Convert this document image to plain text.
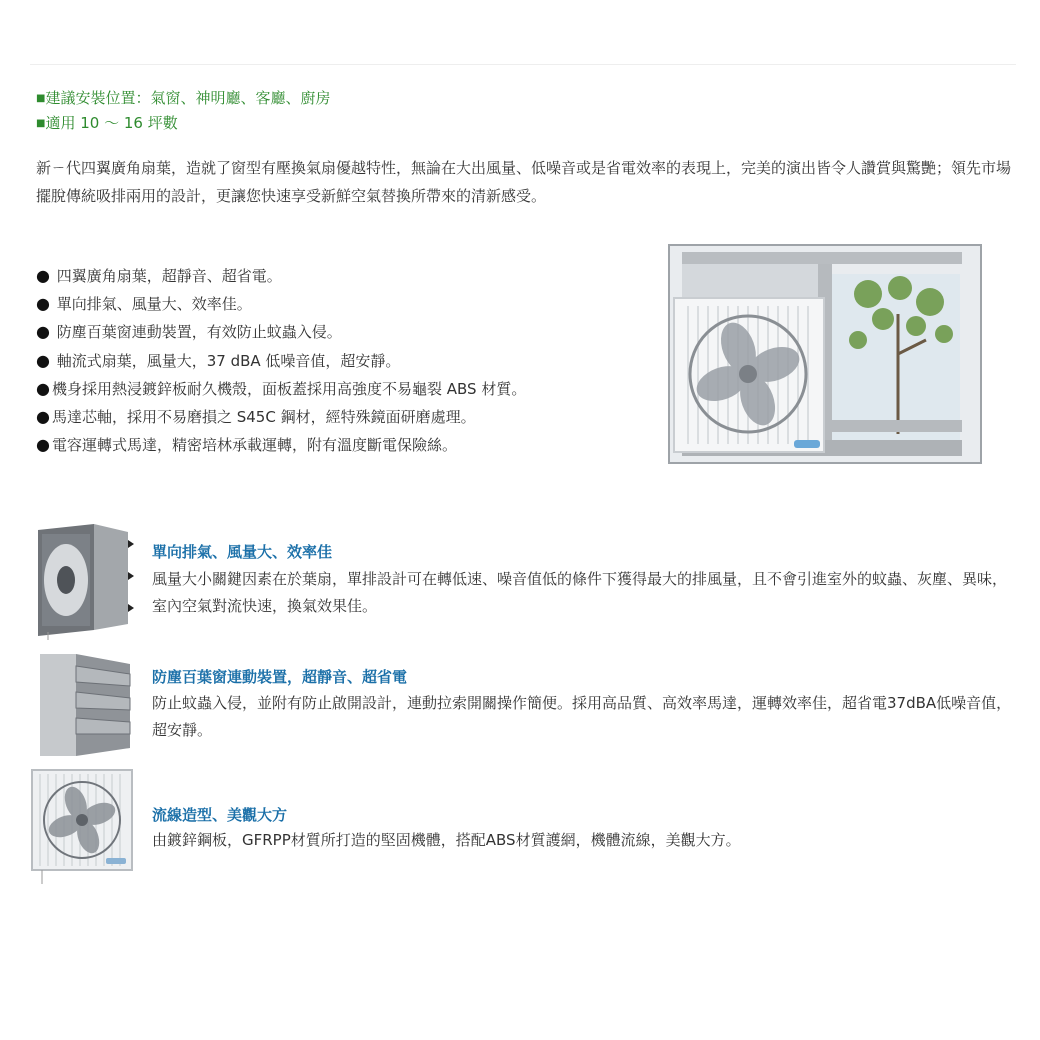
■建議安裝位置：氣窗、神明廳、客廳、廚房
■適用 10 ～ 16 坪數
新ㄧ代四翼廣角扇葉，造就了窗型有壓換氣扇優越特性，無論在大出風量、低噪音或是省電效率的表現上，完美的演出皆令人讚賞與驚艷；領先市場擺脫傳統吸排兩用的設計，更讓您快速享受新鮮空氣替換所帶來的清新感受。
● 四翼廣角扇葉，超靜音、超省電。
● 單向排氣、風量大、效率佳。
● 防塵百葉窗連動裝置，有效防止蚊蟲入侵。
● 軸流式扇葉，風量大，37 dBA 低噪音值，超安靜。
● 機身採用熱浸鍍鋅板耐久機殼，面板蓋採用高強度不易龜裂 ABS 材質。
● 馬達芯軸，採用不易磨損之 S45C 鋼材，經特殊鏡面研磨處理。
● 電容運轉式馬達，精密培林承載運轉，附有溫度斷電保險絲。
單向排氣、風量大、效率佳
風量大小關鍵因素在於葉扇，單排設計可在轉低速、噪音值低的條件下獲得最大的排風量，且不會引進室外的蚊蟲、灰塵、異味，室內空氣對流快速，換氣效果佳。
防塵百葉窗連動裝置，超靜音、超省電
防止蚊蟲入侵，並附有防止啟開設計，連動拉索開關操作簡便。採用高品質、高效率馬達，運轉效率佳，超省電37dBA低噪音值，超安靜。
流線造型、美觀大方
由鍍鋅鋼板，GFRPP材質所打造的堅固機體，搭配ABS材質護網，機體流線，美觀大方。
